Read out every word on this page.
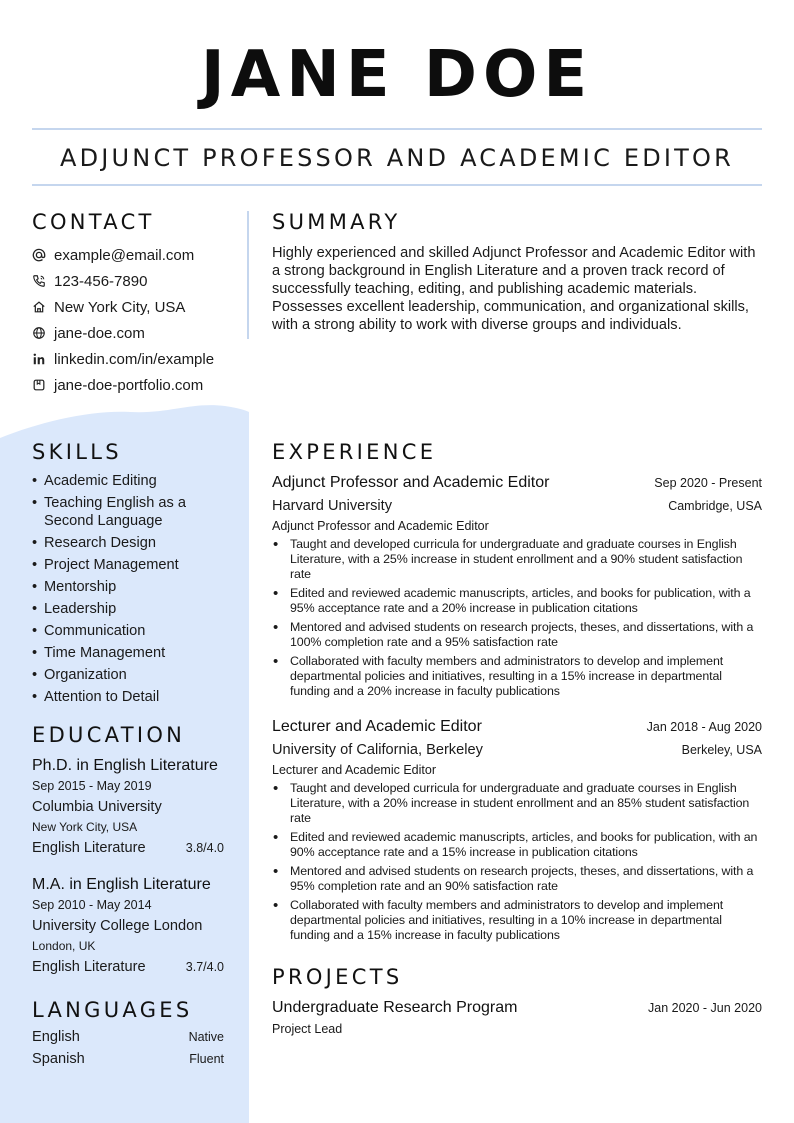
JANE DOE
ADJUNCT PROFESSOR AND ACADEMIC EDITOR
CONTACT
example@email.com
123-456-7890
New York City, USA
jane-doe.com
linkedin.com/in/example
jane-doe-portfolio.com
SUMMARY
Highly experienced and skilled Adjunct Professor and Academic Editor with a strong background in English Literature and a proven track record of successfully teaching, editing, and publishing academic materials. Possesses excellent leadership, communication, and organizational skills, with a strong ability to work with diverse groups and individuals.
SKILLS
• Academic Editing
• Teaching English as a Second Language
• Research Design
• Project Management
• Mentorship
• Leadership
• Communication
• Time Management
• Organization
• Attention to Detail
EDUCATION
Ph.D. in English Literature
Sep 2015 - May 2019
Columbia University
New York City, USA
English Literature	3.8/4.0
M.A. in English Literature
Sep 2010 - May 2014
University College London
London, UK
English Literature	3.7/4.0
LANGUAGES
English	Native
Spanish	Fluent
EXPERIENCE
Adjunct Professor and Academic Editor	Sep 2020 - Present
Harvard University	Cambridge, USA
Adjunct Professor and Academic Editor
• Taught and developed curricula for undergraduate and graduate courses in English Literature, with a 25% increase in student enrollment and a 90% student satisfaction rate
• Edited and reviewed academic manuscripts, articles, and books for publication, with a 95% acceptance rate and a 20% increase in publication citations
• Mentored and advised students on research projects, theses, and dissertations, with a 100% completion rate and a 95% satisfaction rate
• Collaborated with faculty members and administrators to develop and implement departmental policies and initiatives, resulting in a 15% increase in departmental funding and a 20% increase in faculty publications
Lecturer and Academic Editor	Jan 2018 - Aug 2020
University of California, Berkeley	Berkeley, USA
Lecturer and Academic Editor
• Taught and developed curricula for undergraduate and graduate courses in English Literature, with a 20% increase in student enrollment and an 85% student satisfaction rate
• Edited and reviewed academic manuscripts, articles, and books for publication, with an 90% acceptance rate and a 15% increase in publication citations
• Mentored and advised students on research projects, theses, and dissertations, with a 95% completion rate and an 90% satisfaction rate
• Collaborated with faculty members and administrators to develop and implement departmental policies and initiatives, resulting in a 10% increase in departmental funding and a 15% increase in faculty publications
PROJECTS
Undergraduate Research Program	Jan 2020 - Jun 2020
Project Lead
